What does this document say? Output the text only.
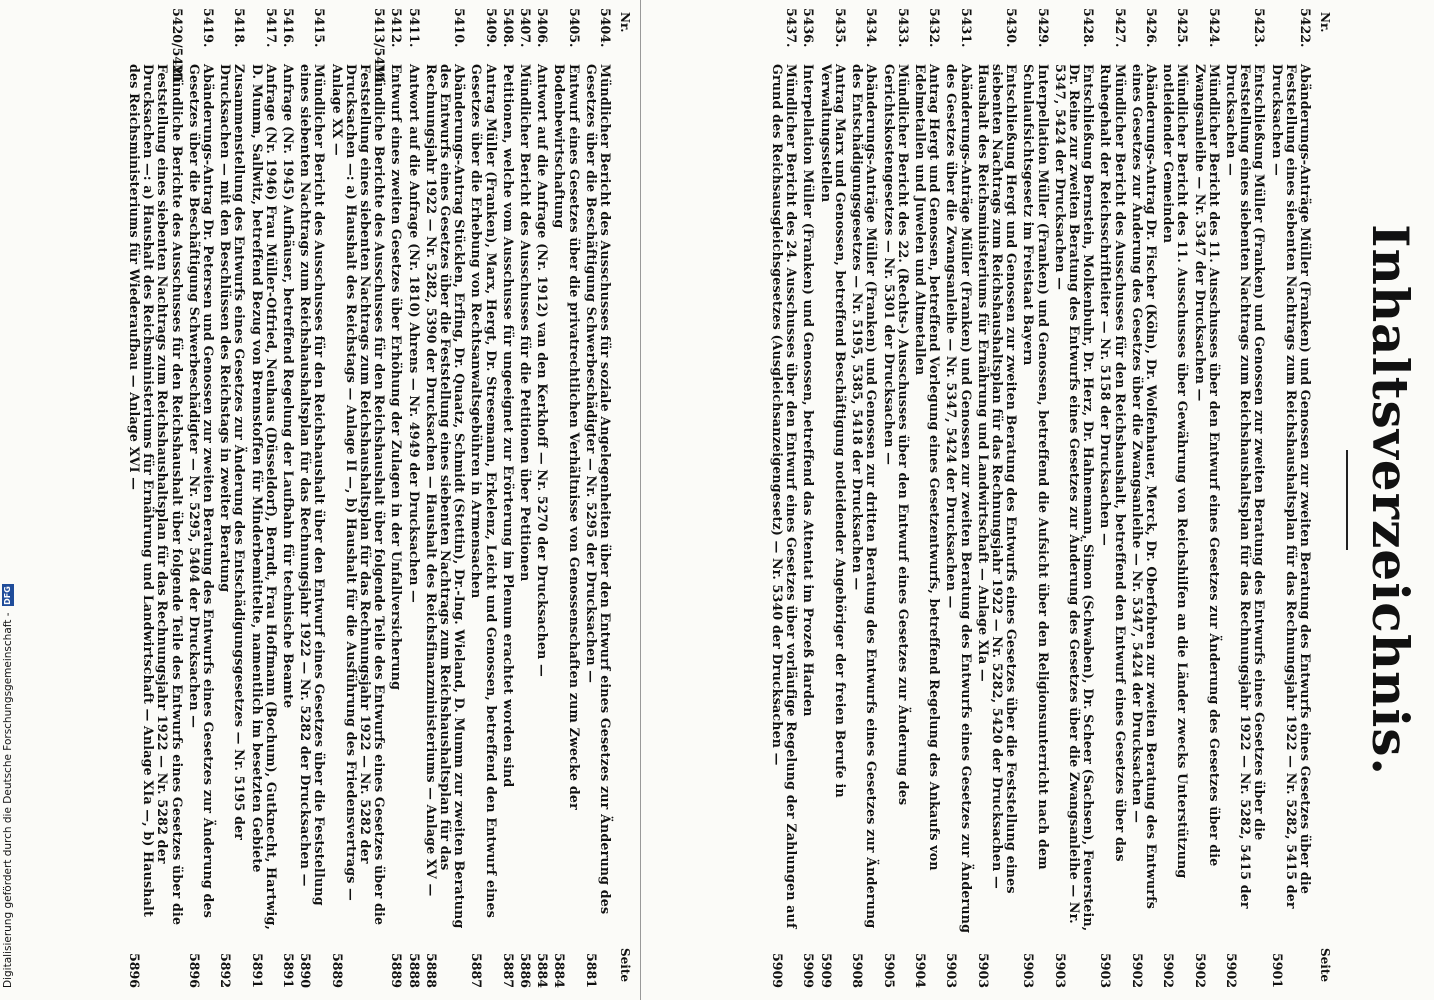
Inhaltsverzeichnis.
Nr.
Seite
5422.
Abänderungs-Anträge Müller (Franken) und Genossen zur zweiten Beratung des Entwurfs eines Gesetzes über die Feststellung eines siebenten Nachtrags zum Reichshaushaltsplan für das Rechnungsjahr 1922 — Nr. 5282, 5415 der Drucksachen —
5901
5423.
Entschließung Müller (Franken) und Genossen zur zweiten Beratung des Entwurfs eines Gesetzes über die Feststellung eines siebenten Nachtrags zum Reichshaushaltsplan für das Rechnungsjahr 1922 — Nr. 5282, 5415 der Drucksachen —
5902
5424.
Mündlicher Bericht des 11. Ausschusses über den Entwurf eines Gesetzes zur Änderung des Gesetzes über die Zwangsanleihe — Nr. 5347 der Drucksachen —
5902
5425.
Mündlicher Bericht des 11. Ausschusses über Gewährung von Reichshilfen an die Länder zwecks Unterstützung notleidender Gemeinden
5902
5426.
Abänderungs-Antrag Dr. Fischer (Köln), Dr. Wolfenhauer, Merck, Dr. Oberfohren zur zweiten Beratung des Entwurfs eines Gesetzes zur Änderung des Gesetzes über die Zwangsanleihe — Nr. 5347, 5424 der Drucksachen —
5902
5427.
Mündlicher Bericht des Ausschusses für den Reichshaushalt, betreffend den Entwurf eines Gesetzes über das Ruhegehalt der Reichsschriftleiter — Nr. 5158 der Drucksachen —
5903
5428.
Entschließung Bernstein, Molkenbuhr, Dr. Herz, Dr. Hahnemann, Simon (Schwaben), Dr. Scheer (Sachsen), Feuerstein, Dr. Reine zur zweiten Beratung des Entwurfs eines Gesetzes zur Änderung des Gesetzes über die Zwangsanleihe — Nr. 5347, 5424 der Drucksachen —
5903
5429.
Interpellation Müller (Franken) und Genossen, betreffend die Aufsicht über den Religionsunterricht nach dem Schulaufsichtsgesetz im Freistaat Bayern
5903
5430.
Entschließung Hergt und Genossen zur zweiten Beratung des Entwurfs eines Gesetzes über die Feststellung eines siebenten Nachtrags zum Reichshaushaltsplan für das Rechnungsjahr 1922 — Nr. 5282, 5420 der Drucksachen — Haushalt des Reichsministeriums für Ernährung und Landwirtschaft — Anlage XIa —
5903
5431.
Abänderungs-Anträge Müller (Franken) und Genossen zur zweiten Beratung des Entwurfs eines Gesetzes zur Änderung des Gesetzes über die Zwangsanleihe — Nr. 5347, 5424 der Drucksachen —
5903
5432.
Antrag Hergt und Genossen, betreffend Vorlegung eines Gesetzentwurfs, betreffend Regelung des Ankaufs von Edelmetallen und Juwelen und Altmetallen
5904
5433.
Mündlicher Bericht des 22. (Rechts-) Ausschusses über den Entwurf eines Gesetzes zur Änderung des Gerichtskostengesetzes — Nr. 5301 der Drucksachen —
5905
5434.
Abänderungs-Anträge Müller (Franken) und Genossen zur dritten Beratung des Entwurfs eines Gesetzes zur Änderung des Entschädigungsgesetzes — Nr. 5195, 5385, 5418 der Drucksachen —
5908
5435.
Antrag Marx und Genossen, betreffend Beschäftigung notleidender Angehöriger der freien Berufe in Verwaltungsstellen
5909
5436.
Interpellation Müller (Franken) und Genossen, betreffend das Attentat im Prozeß Harden
5909
5437.
Mündlicher Bericht des 24. Ausschusses über den Entwurf eines Gesetzes über vorläufige Regelung der Zahlungen auf Grund des Reichsausgleichsgesetzes (Ausgleichsanzeigengesetz) — Nr. 5340 der Drucksachen —
5909
Nr.
Seite
5404.
Mündlicher Bericht des Ausschusses für soziale Angelegenheiten über den Entwurf eines Gesetzes zur Änderung des Gesetzes über die Beschäftigung Schwerbeschädigter — Nr. 5295 der Drucksachen —
5881
5405.
Entwurf eines Gesetzes über die privatrechtlichen Verhältnisse von Genossenschaften zum Zwecke der Bodenbewirtschaftung
5884
5406.
Antwort auf die Anfrage (Nr. 1912) van den Kerkhoff — Nr. 5270 der Drucksachen —
5884
5407.
Mündlicher Bericht des Ausschusses für die Petitionen über Petitionen
5886
5408.
Petitionen, welche vom Ausschusse für ungeeignet zur Erörterung im Plenum erachtet worden sind
5887
5409.
Antrag Müller (Franken), Marx, Hergt, Dr. Stresemann, Erkelenz, Leicht und Genossen, betreffend den Entwurf eines Gesetzes über die Erhebung von Rechtsanwaltsgebühren in Armensachen
5887
5410.
Abänderungs-Antrag Stücklen, Erfing, Dr. Quaatz, Schmidt (Stettin), Dr.-Ing. Wieland, D. Mumm zur zweiten Beratung des Entwurfs eines Gesetzes über die Feststellung eines siebenten Nachtrags zum Reichshaushaltsplan für das Rechnungsjahr 1922 — Nr. 5282, 5390 der Drucksachen — Haushalt des Reichsfinanzministeriums — Anlage XV —
5888
5411.
Antwort auf die Anfrage (Nr. 1810) Ahrens — Nr. 4949 der Drucksachen —
5888
5412.
Entwurf eines zweiten Gesetzes über Erhöhung der Zulagen in der Unfallversicherung
5889
5413/5414.
Mündliche Berichte des Ausschusses für den Reichshaushalt über folgende Teile des Entwurfs eines Gesetzes über die Feststellung eines siebenten Nachtrags zum Reichshaushaltsplan für das Rechnungsjahr 1922 — Nr. 5282 der Drucksachen —: a) Haushalt des Reichstags — Anlage II —, b) Haushalt für die Ausführung des Friedensvertrags — Anlage XX —
5889
5415.
Mündlicher Bericht des Ausschusses für den Reichshaushalt über den Entwurf eines Gesetzes über die Feststellung eines siebenten Nachtrags zum Reichshaushaltsplan für das Rechnungsjahr 1922 — Nr. 5282 der Drucksachen —
5890
5416.
Anfrage (Nr. 1945) Aufhäuser, betreffend Regelung der Laufbahn für technische Beamte
5891
5417.
Anfrage (Nr. 1946) Frau Müller-Otfried, Neuhaus (Düsseldorf), Berndt, Frau Hoffmann (Bochum), Gutknecht, Hartwig, D. Mumm, Sallwitz, betreffend Bezug von Brennstoffen für Minderbemittelte, namentlich im besetzten Gebiete
5891
5418.
Zusammenstellung des Entwurfs eines Gesetzes zur Änderung des Entschädigungsgesetzes — Nr. 5195 der Drucksachen — mit den Beschlüssen des Reichstags in zweiter Beratung
5892
5419.
Abänderungs-Antrag Dr. Petersen und Genossen zur zweiten Beratung des Entwurfs eines Gesetzes zur Änderung des Gesetzes über die Beschäftigung Schwerbeschädigter — Nr. 5295, 5404 der Drucksachen —
5896
5420/5421.
Mündliche Berichte des Ausschusses für den Reichshaushalt über folgende Teile des Entwurfs eines Gesetzes über die Feststellung eines siebenten Nachtrags zum Reichshaushaltsplan für das Rechnungsjahr 1922 — Nr. 5282 der Drucksachen —: a) Haushalt des Reichsministeriums für Ernährung und Landwirtschaft — Anlage XIa —, b) Haushalt des Reichsministeriums für Wiederaufbau — Anlage XVI —
5896
Digitalisierung gefördert durch die Deutsche Forschungsgemeinschaft -
DFG
